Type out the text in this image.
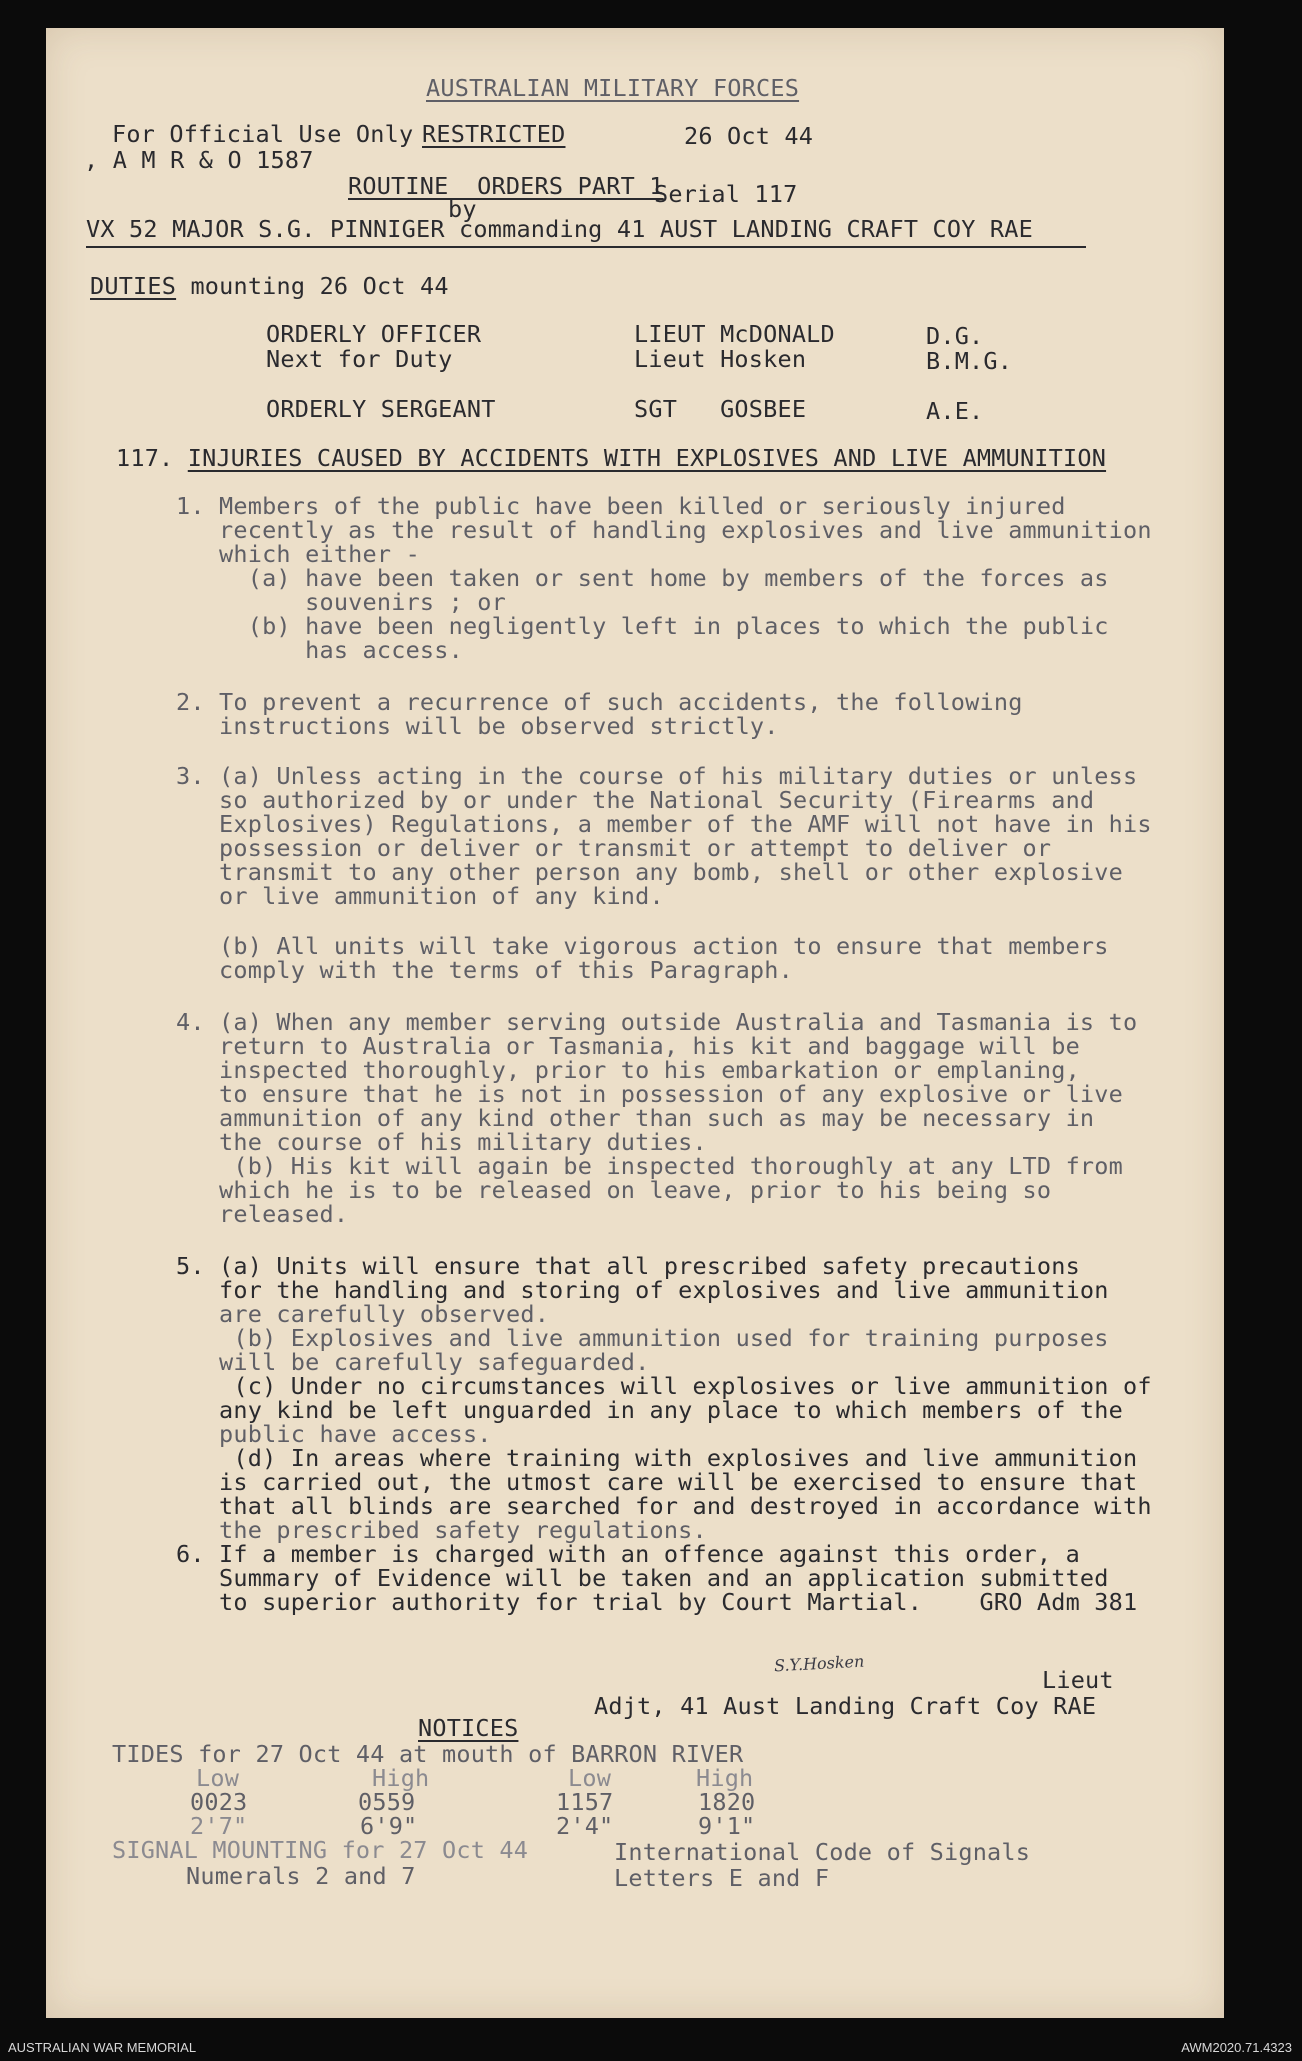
AUSTRALIAN MILITARY FORCES
For Official Use Only
, A M R & O 1587
RESTRICTED	26 Oct 44
ROUTINE  ORDERS PART 1
Serial 117
by
VX 52 MAJOR S.G. PINNIGER commanding 41 AUST LANDING CRAFT COY RAE
DUTIES mounting 26 Oct 44
ORDERLY OFFICER	LIEUT McDONALD	D.G.
Next for Duty	Lieut Hosken	B.M.G.
ORDERLY SERGEANT	SGT   GOSBEE	A.E.
117. INJURIES CAUSED BY ACCIDENTS WITH EXPLOSIVES AND LIVE AMMUNITION
1. Members of the public have been killed or seriously injured
recently as the result of handling explosives and live ammunition
which either -
(a) have been taken or sent home by members of the forces as
souvenirs ; or
(b) have been negligently left in places to which the public
has access.
2. To prevent a recurrence of such accidents, the following
instructions will be observed strictly.
3. (a) Unless acting in the course of his military duties or unless
so authorized by or under the National Security (Firearms and
Explosives) Regulations, a member of the AMF will not have in his
possession or deliver or transmit or attempt to deliver or
transmit to any other person any bomb, shell or other explosive
or live ammunition of any kind.
(b) All units will take vigorous action to ensure that members
comply with the terms of this Paragraph.
4. (a) When any member serving outside Australia and Tasmania is to
return to Australia or Tasmania, his kit and baggage will be
inspected thoroughly, prior to his embarkation or emplaning,
to ensure that he is not in possession of any explosive or live
ammunition of any kind other than such as may be necessary in
the course of his military duties.
(b) His kit will again be inspected thoroughly at any LTD from
which he is to be released on leave, prior to his being so
released.
5. (a) Units will ensure that all prescribed safety precautions
for the handling and storing of explosives and live ammunition
are carefully observed.
(b) Explosives and live ammunition used for training purposes
will be carefully safeguarded.
(c) Under no circumstances will explosives or live ammunition of
any kind be left unguarded in any place to which members of the
public have access.
(d) In areas where training with explosives and live ammunition
is carried out, the utmost care will be exercised to ensure that
that all blinds are searched for and destroyed in accordance with
the prescribed safety regulations.
6. If a member is charged with an offence against this order, a
Summary of Evidence will be taken and an application submitted
to superior authority for trial by Court Martial.    GRO Adm 381
S.Y.Hosken
Lieut
Adjt, 41 Aust Landing Craft Coy RAE
NOTICES
TIDES for 27 Oct 44 at mouth of BARRON RIVER
Low	High	Low	High
0023	0559	1157	1820
2'7"	6'9"	2'4"	9'1"
SIGNAL MOUNTING for 27 Oct 44	International Code of Signals
Numerals 2 and 7	Letters E and F
AUSTRALIAN WAR MEMORIAL	AWM2020.71.4323
